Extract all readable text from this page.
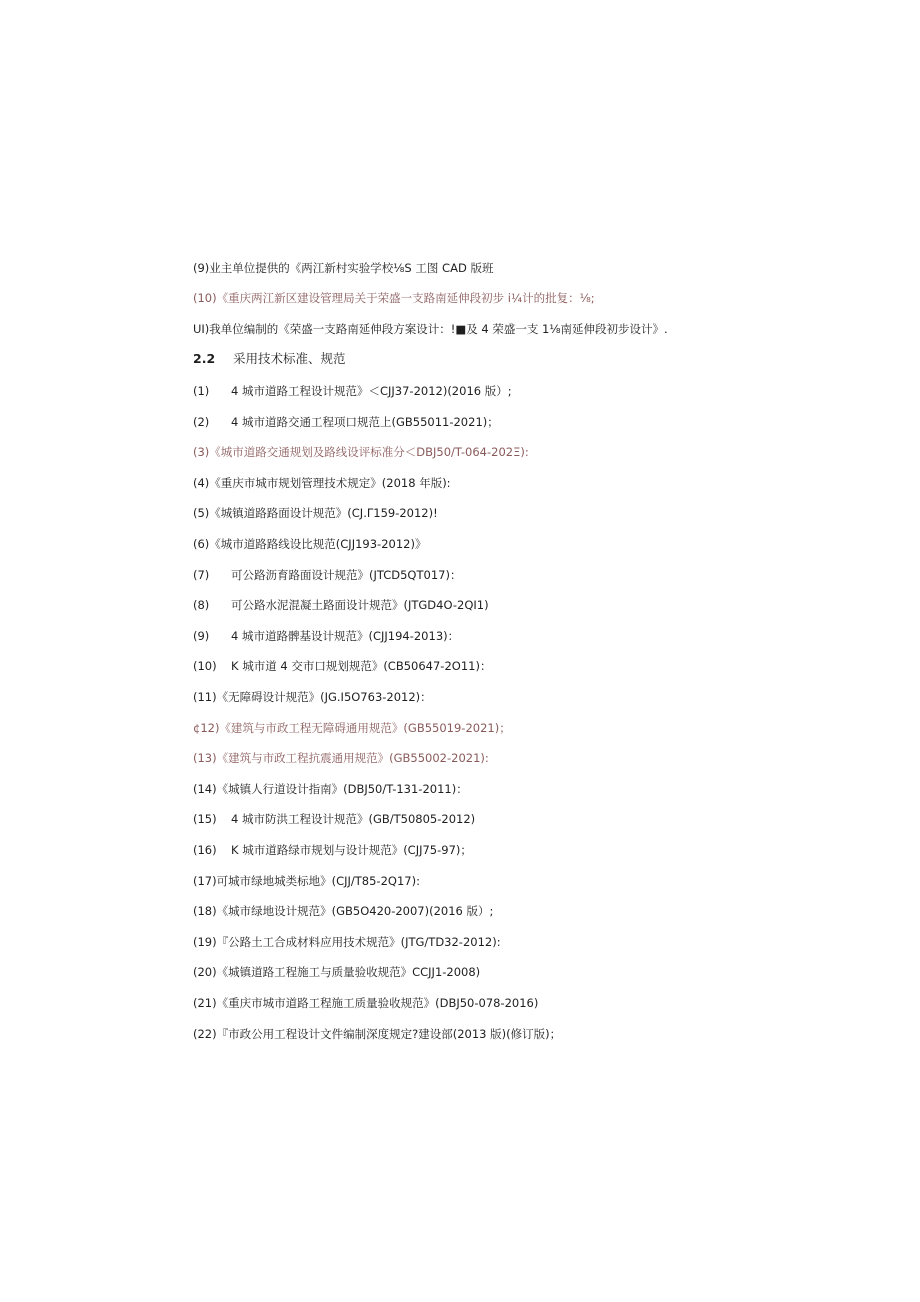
(9)业主单位提供的《两江新村实验学校⅛S 工图 CAD 版班
(10)《重庆两江新区建设管理局关于荣盛一支路南延伸段初步 i¼计的批复：⅛;
UI)我单位编制的《荣盛一支路南延伸段方案设计：!■及 4 荣盛一支 1⅛南延伸段初步设计》.
2.2 采用技术标准、规范
(1) 4 城市道路工程设计规范》＜CJJ37-2012)(2016 版）;
(2) 4 城市道路交通工程项口规范上(GB55011-2021)；
(3)《城市道路交通规划及路线设评标准分＜DBJ50/T-064-202Ξ):
(4)《重庆市城市规划管理技术规定》(2018 年版):
(5)《城镇道路路面设计规范》(CJ.Γ159-2012)!
(6)《城市道路路线设比规范(CJJ193-2012)》
(7) 可公路沥育路面设计规范》(JTCD5QT017)：
(8) 可公路水泥混凝土路面设计规范》(JTGD4O-2QI1)
(9) 4 城市道路髀基设计规范》(CJJ194-2013)：
(10) K 城市道 4 交市口规划规范》(CB50647-2O11)：
(11)《无障碍设计规范》(JG.I5O763-2012)：
¢12)《建筑与市政工程无障碍通用规范》(GB55019-2021)；
(13)《建筑与市政工程抗震通用规范》(GB55002-2021):
(14)《城镇人行道设计指南》(DBJ50/T-131-2011)：
(15) 4 城市防洪工程设计规范》(GB/T50805-2012)
(16) K 城市道路绿市规划与设计规范》(CJJ75-97)；
(17)可城市绿地城类标地》(CJJ/T85-2Q17):
(18)《城市绿地设计规范》(GB5O420-2007)(2016 版）;
(19)『公路土工合成材料应用技术规范》(JTG∕TD32-2012):
(20)《城镇道路工程施工与质量验收规范》CCJJ1-2008)
(21)《重庆市城市道路工程施工质量验收规范》(DBJ50-078-2016)
(22)『市政公用工程设计文件编制深度规定?建设部(2013 版)(修订版)；
